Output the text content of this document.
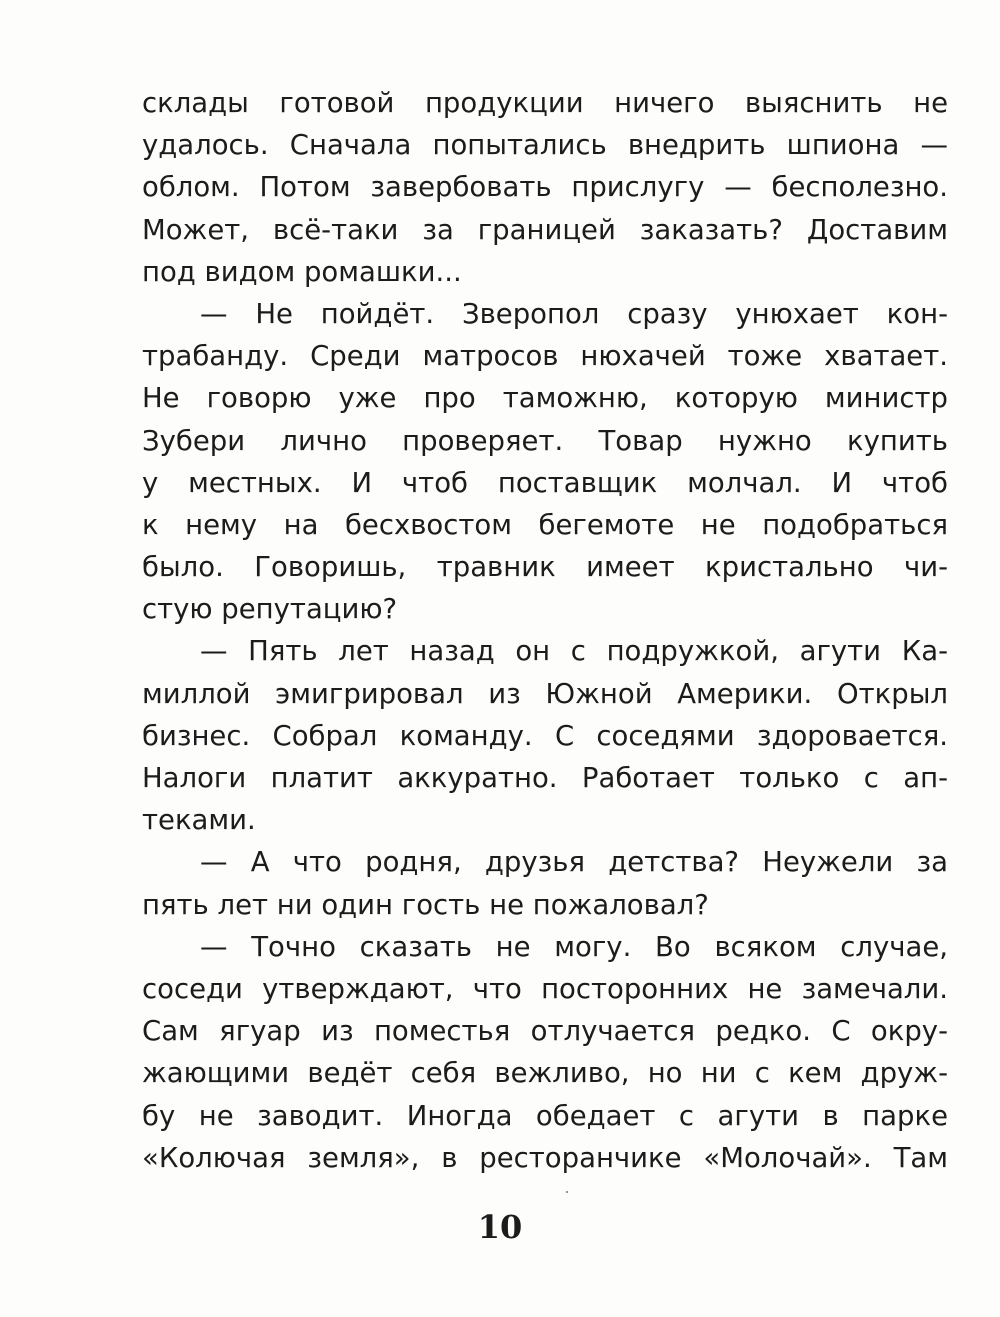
склады готовой продукции ничего выяснить не
удалось. Сначала попытались внедрить шпиона —
облом. Потом завербовать прислугу — бесполезно.
Может, всё-таки за границей заказать? Доставим
под видом ромашки...
— Не пойдёт. Зверопол сразу унюхает кон-
трабанду. Среди матросов нюхачей тоже хватает.
Не говорю уже про таможню, которую министр
Зубери лично проверяет. Товар нужно купить
у местных. И чтоб поставщик молчал. И чтоб
к нему на бесхвостом бегемоте не подобраться
было. Говоришь, травник имеет кристально чи-
стую репутацию?
— Пять лет назад он с подружкой, агути Ка-
миллой эмигрировал из Южной Америки. Открыл
бизнес. Собрал команду. С соседями здоровается.
Налоги платит аккуратно. Работает только с ап-
теками.
— А что родня, друзья детства? Неужели за
пять лет ни один гость не пожаловал?
— Точно сказать не могу. Во всяком случае,
соседи утверждают, что посторонних не замечали.
Сам ягуар из поместья отлучается редко. С окру-
жающими ведёт себя вежливо, но ни с кем друж-
бу не заводит. Иногда обедает с агути в парке
«Колючая земля», в ресторанчике «Молочай». Там
10
